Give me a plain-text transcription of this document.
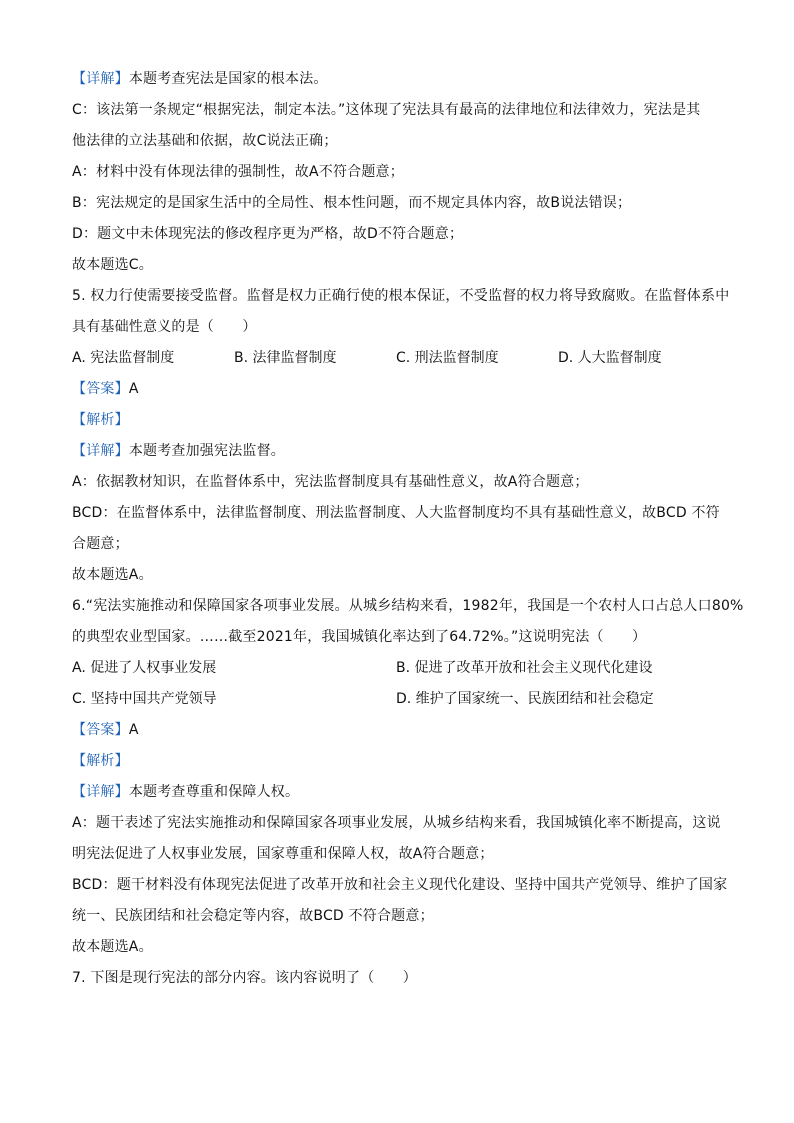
【详解】本题考查宪法是国家的根本法。
C：该法第一条规定“根据宪法，制定本法。”这体现了宪法具有最高的法律地位和法律效力，宪法是其
他法律的立法基础和依据，故C说法正确；
A：材料中没有体现法律的强制性，故A不符合题意；
B：宪法规定的是国家生活中的全局性、根本性问题，而不规定具体内容，故B说法错误；
D：题文中未体现宪法的修改程序更为严格，故D不符合题意；
故本题选C。
5. 权力行使需要接受监督。监督是权力正确行使的根本保证，不受监督的权力将导致腐败。在监督体系中
具有基础性意义的是（　　）
A. 宪法监督制度	B. 法律监督制度	C. 刑法监督制度	D. 人大监督制度
【答案】A
【解析】
【详解】本题考查加强宪法监督。
A：依据教材知识，在监督体系中，宪法监督制度具有基础性意义，故A符合题意；
BCD：在监督体系中，法律监督制度、刑法监督制度、人大监督制度均不具有基础性意义，故BCD 不符
合题意；
故本题选A。
6.“宪法实施推动和保障国家各项事业发展。从城乡结构来看，1982年，我国是一个农村人口占总人口80%
的典型农业型国家。……截至2021年，我国城镇化率达到了64.72%。”这说明宪法（　　）
A. 促进了人权事业发展	B. 促进了改革开放和社会主义现代化建设
C. 坚持中国共产党领导	D. 维护了国家统一、民族团结和社会稳定
【答案】A
【解析】
【详解】本题考查尊重和保障人权。
A：题干表述了宪法实施推动和保障国家各项事业发展，从城乡结构来看，我国城镇化率不断提高，这说
明宪法促进了人权事业发展，国家尊重和保障人权，故A符合题意；
BCD：题干材料没有体现宪法促进了改革开放和社会主义现代化建设、坚持中国共产党领导、维护了国家
统一、民族团结和社会稳定等内容，故BCD 不符合题意；
故本题选A。
7. 下图是现行宪法的部分内容。该内容说明了（　　）
